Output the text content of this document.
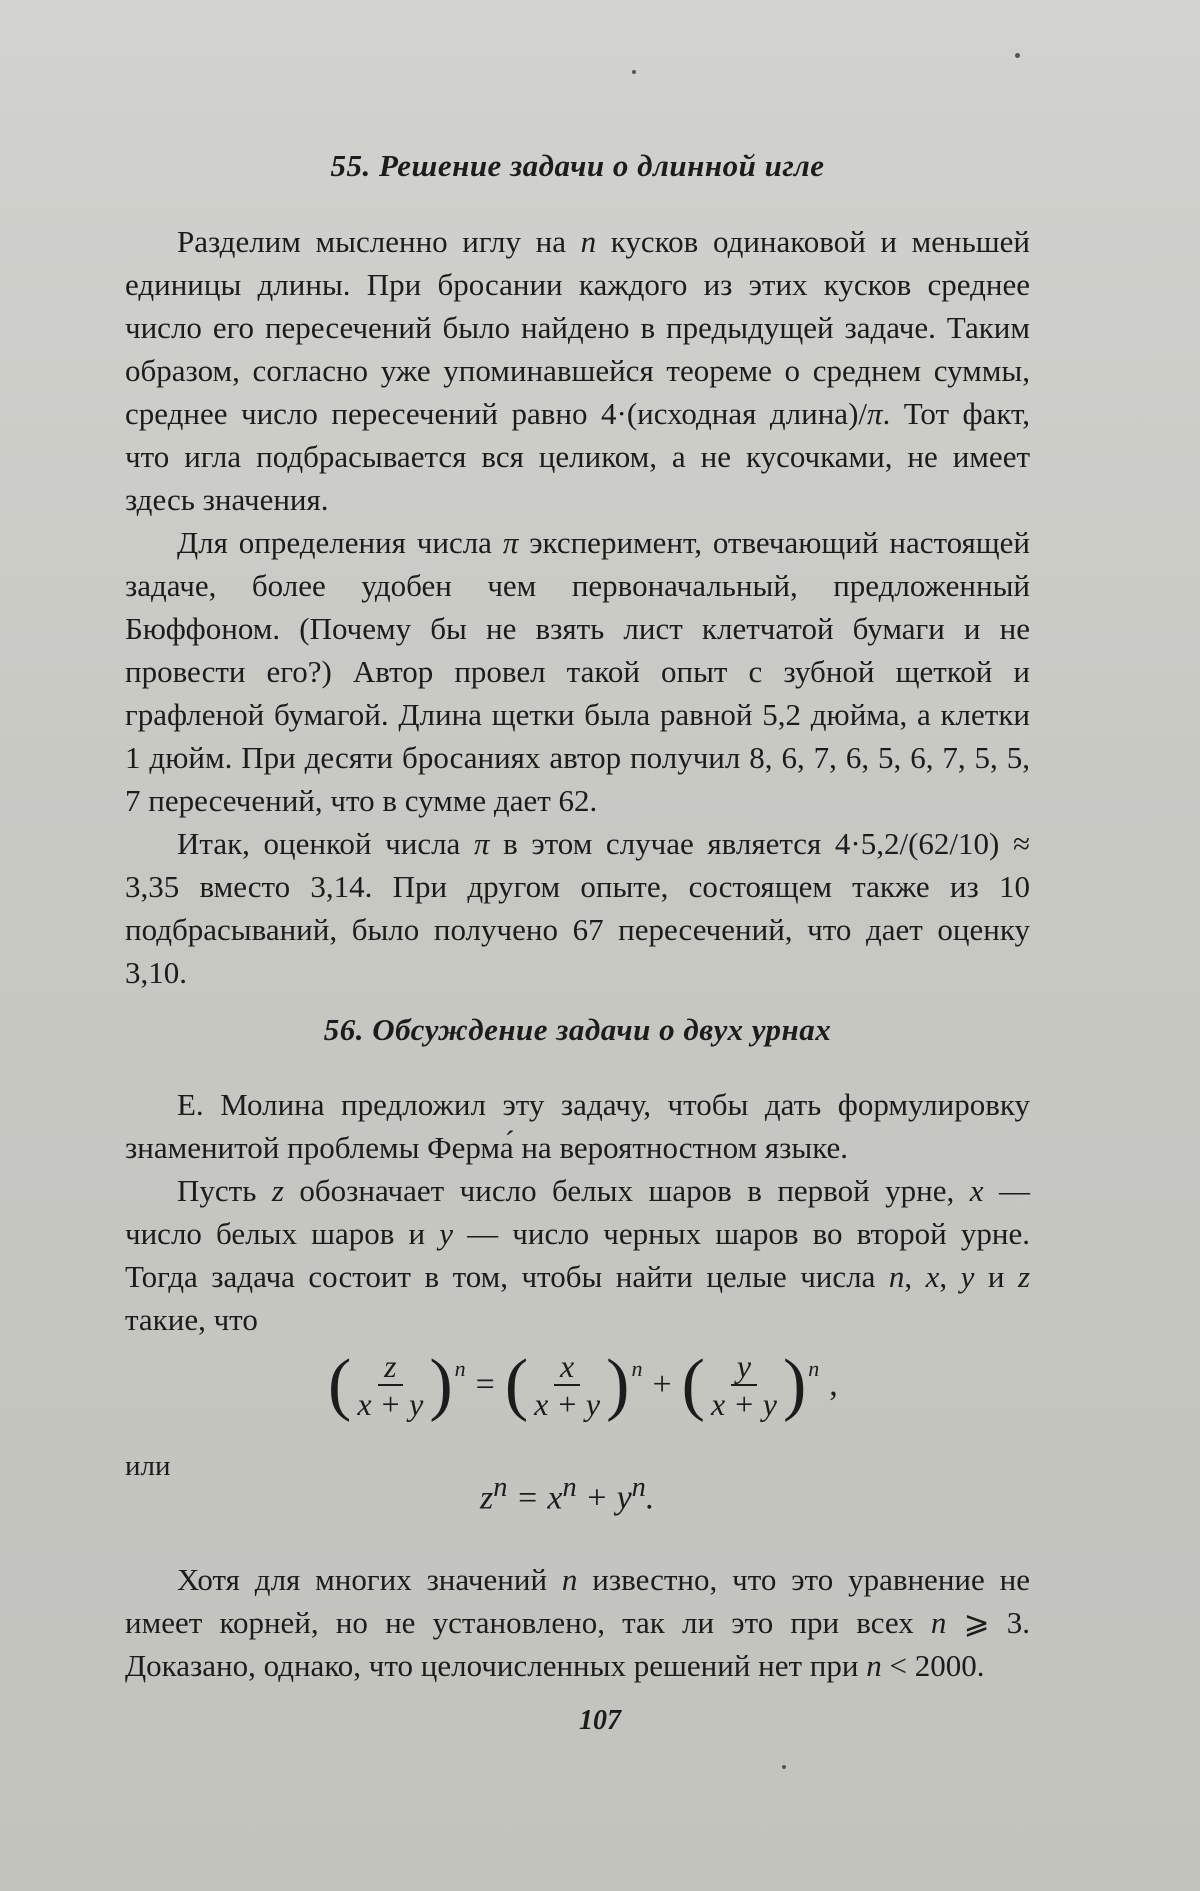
55. Решение задачи о длинной игле

Разделим мысленно иглу на n кусков одинаковой и меньшей единицы длины. При бросании каждого из этих кусков среднее число его пересечений было найдено в предыдущей задаче. Таким образом, согласно уже упоминавшейся теореме о среднем суммы, среднее число пересечений равно 4·(исходная длина)/π. Тот факт, что игла подбрасывается вся целиком, а не кусочками, не имеет здесь значения.

Для определения числа π эксперимент, отвечающий настоящей задаче, более удобен чем первоначальный, предложенный Бюффоном. (Почему бы не взять лист клетчатой бумаги и не провести его?) Автор провел такой опыт с зубной щеткой и графленой бумагой. Длина щетки была равной 5,2 дюйма, а клетки 1 дюйм. При десяти бросаниях автор получил 8, 6, 7, 6, 5, 6, 7, 5, 5, 7 пересечений, что в сумме дает 62.

Итак, оценкой числа π в этом случае является 4·5,2/(62/10) ≈ 3,35 вместо 3,14. При другом опыте, состоящем также из 10 подбрасываний, было получено 67 пересечений, что дает оценку 3,10.

56. Обсуждение задачи о двух урнах

Е. Молина предложил эту задачу, чтобы дать формулировку знаменитой проблемы Ферма́ на вероятностном языке.

Пусть z обозначает число белых шаров в первой урне, x — число белых шаров и y — число черных шаров во второй урне. Тогда задача состоит в том, чтобы найти целые числа n, x, y и z такие, что

( $\frac{z}{x + y}$ ) n = ( $\frac{x}{x + y}$ ) n + ( $\frac{y}{x + y}$ ) n ,
или
$z^n = x^n + y^n$.

Хотя для многих значений n известно, что это уравнение не имеет корней, но не установлено, так ли это при всех n ⩾ 3. Доказано, однако, что целочисленных решений нет при n < 2000.

107
